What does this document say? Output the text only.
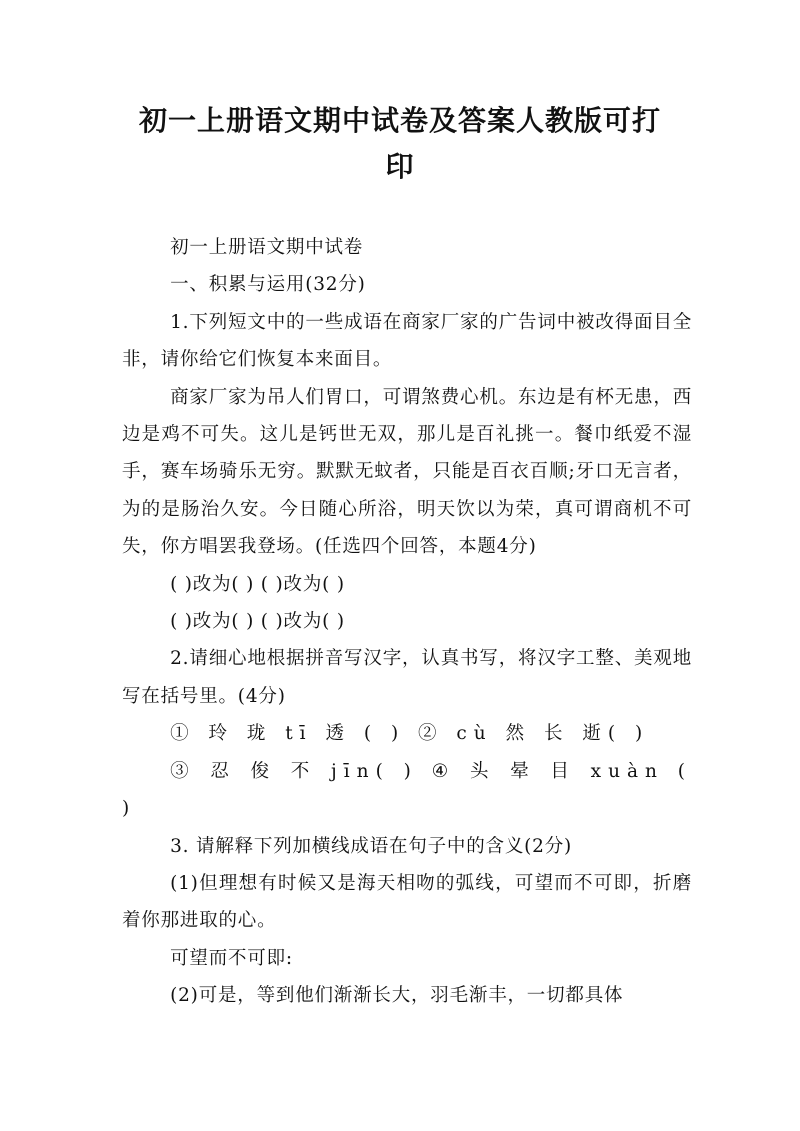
初一上册语文期中试卷及答案人教版可打
印

初一上册语文期中试卷

一、积累与运用(32分)

1.下列短文中的一些成语在商家厂家的广告词中被改得面目全非，请你给它们恢复本来面目。

商家厂家为吊人们胃口，可谓煞费心机。东边是有杯无患，西边是鸡不可失。这儿是钙世无双，那儿是百礼挑一。餐巾纸爱不湿手，赛车场骑乐无穷。默默无蚊者，只能是百衣百顺;牙口无言者，为的是肠治久安。今日随心所浴，明天饮以为荣，真可谓商机不可失，你方唱罢我登场。(任选四个回答，本题4分)

( )改为( ) ( )改为( )

( )改为( ) ( )改为( )

2.请细心地根据拼音写汉字，认真书写，将汉字工整、美观地写在括号里。(4分)

① 玲 珑 tī 透 ( ) ② cù 然 长 逝( )

③ 忍 俊 不 jīn( ) ④ 头 晕 目 xuàn ( )

3. 请解释下列加横线成语在句子中的含义(2分)

(1)但理想有时候又是海天相吻的弧线，可望而不可即，折磨着你那进取的心。

可望而不可即:

(2)可是，等到他们渐渐长大，羽毛渐丰，一切都具体
